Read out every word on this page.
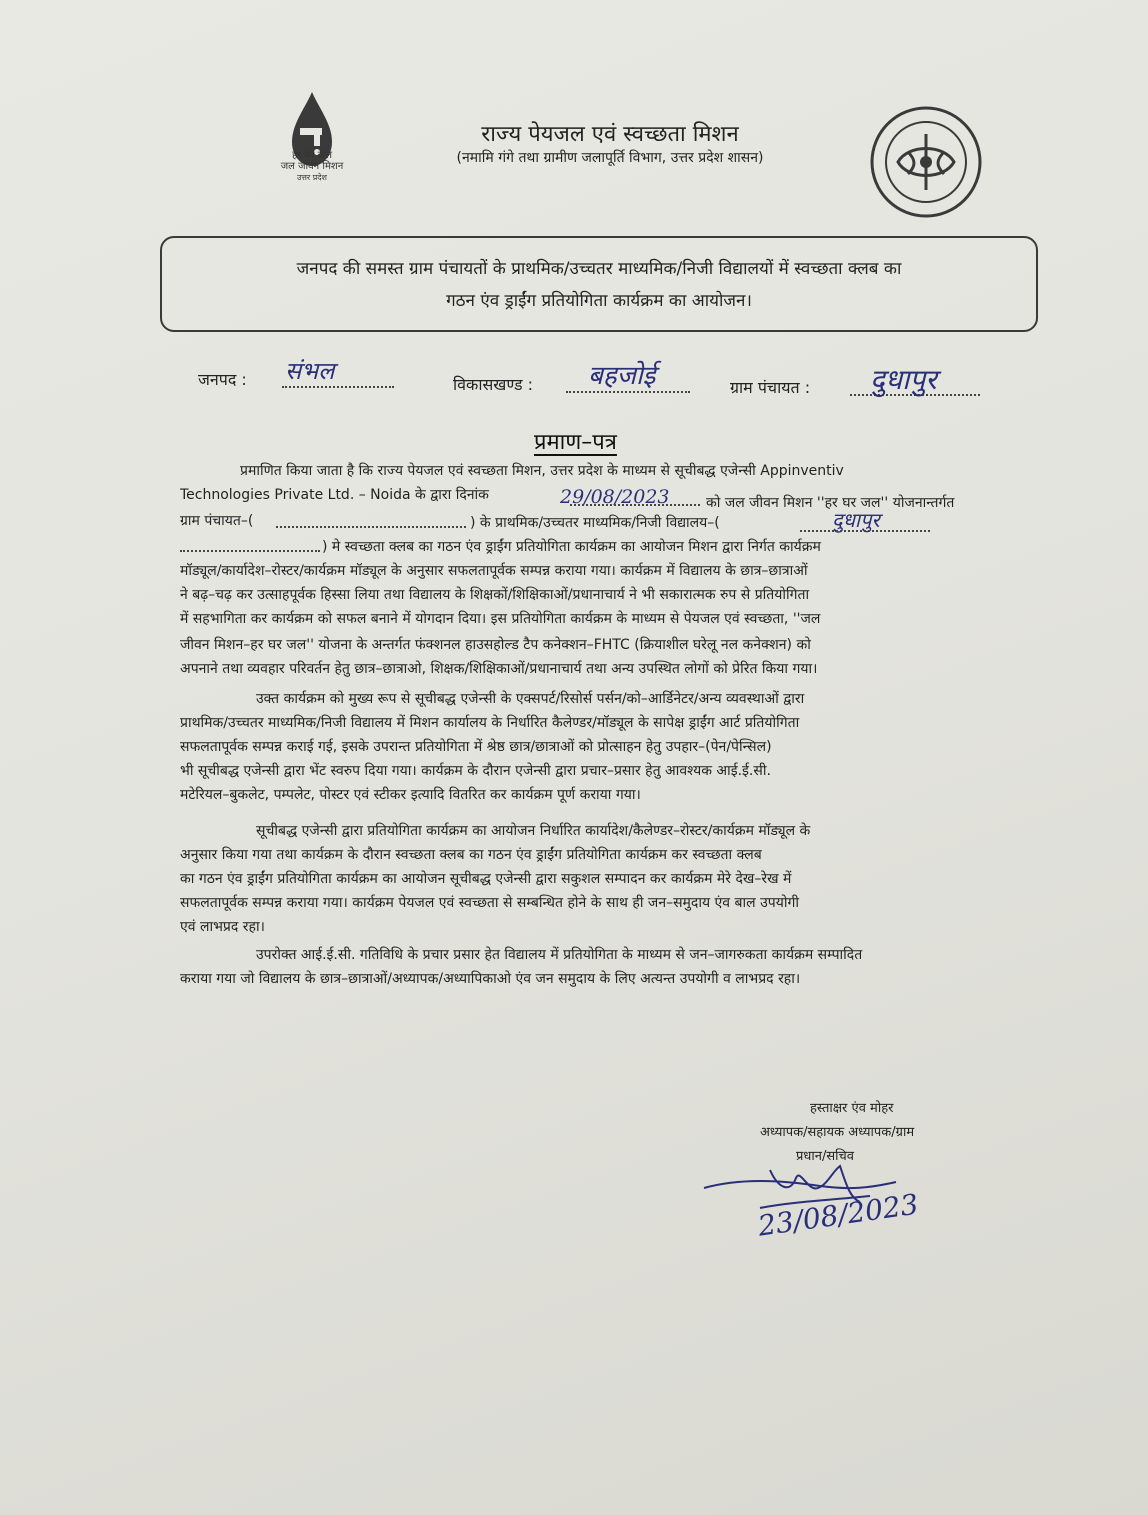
हर घर जल
जल जीवन मिशन
उत्तर प्रदेश
राज्य पेयजल एवं स्वच्छता मिशन
(नमामि गंगे तथा ग्रामीण जलापूर्ति विभाग, उत्तर प्रदेश शासन)
जनपद की समस्त ग्राम पंचायतों के प्राथमिक/उच्चतर माध्यमिक/निजी विद्यालयों में स्वच्छता क्लब का
गठन एंव ड्राईंग प्रतियोगिता कार्यक्रम का आयोजन।
जनपद : संभल	विकासखण्ड : बहजोई	ग्राम पंचायत : दुधापुर
प्रमाण–पत्र
प्रमाणित किया जाता है कि राज्य पेयजल एवं स्वच्छता मिशन, उत्तर प्रदेश के माध्यम से सूचीबद्ध एजेन्सी Appinventiv
Technologies Private Ltd. – Noida के द्वारा दिनांक	29/08/2023	को जल जीवन मिशन ''हर घर जल'' योजनान्तर्गत
ग्राम पंचायत–(	) के प्राथमिक/उच्चतर माध्यमिक/निजी विद्यालय–(	दुधापुर
) मे स्वच्छता क्लब का गठन एंव ड्राईंग प्रतियोगिता कार्यक्रम का आयोजन मिशन द्वारा निर्गत कार्यक्रम
मॉड्यूल/कार्यादेश–रोस्टर/कार्यक्रम मॉड्यूल के अनुसार सफलतापूर्वक सम्पन्न कराया गया। कार्यक्रम में विद्यालय के छात्र–छात्राओं
ने बढ़–चढ़ कर उत्साहपूर्वक हिस्सा लिया तथा विद्यालय के शिक्षकों/शिक्षिकाओं/प्रधानाचार्य ने भी सकारात्मक रुप से प्रतियोगिता
में सहभागिता कर कार्यक्रम को सफल बनाने में योगदान दिया। इस प्रतियोगिता कार्यक्रम के माध्यम से पेयजल एवं स्वच्छता, ''जल
जीवन मिशन–हर घर जल'' योजना के अन्तर्गत फंक्शनल हाउसहोल्ड टैप कनेक्शन–FHTC (क्रियाशील घरेलू नल कनेक्शन) को
अपनाने तथा व्यवहार परिवर्तन हेतु छात्र–छात्राओ, शिक्षक/शिक्षिकाओं/प्रधानाचार्य तथा अन्य उपस्थित लोगों को प्रेरित किया गया।
उक्त कार्यक्रम को मुख्य रूप से सूचीबद्ध एजेन्सी के एक्सपर्ट/रिसोर्स पर्सन/को–आर्डिनेटर/अन्य व्यवस्थाओं द्वारा
प्राथमिक/उच्चतर माध्यमिक/निजी विद्यालय में मिशन कार्यालय के निर्धारित कैलेण्डर/मॉड्यूल के सापेक्ष ड्राईंग आर्ट प्रतियोगिता
सफलतापूर्वक सम्पन्न कराई गई, इसके उपरान्त प्रतियोगिता में श्रेष्ठ छात्र/छात्राओं को प्रोत्साहन हेतु उपहार–(पेन/पेन्सिल)
भी सूचीबद्ध एजेन्सी द्वारा भेंट स्वरुप दिया गया। कार्यक्रम के दौरान एजेन्सी द्वारा प्रचार–प्रसार हेतु आवश्यक आई.ई.सी.
मटेरियल–बुकलेट, पम्पलेट, पोस्टर एवं स्टीकर इत्यादि वितरित कर कार्यक्रम पूर्ण कराया गया।
सूचीबद्ध एजेन्सी द्वारा प्रतियोगिता कार्यक्रम का आयोजन निर्धारित कार्यादेश/कैलेण्डर–रोस्टर/कार्यक्रम मॉड्यूल के
अनुसार किया गया तथा कार्यक्रम के दौरान स्वच्छता क्लब का गठन एंव ड्राईंग प्रतियोगिता कार्यक्रम कर स्वच्छता क्लब
का गठन एंव ड्राईंग प्रतियोगिता कार्यक्रम का आयोजन सूचीबद्ध एजेन्सी द्वारा सकुशल सम्पादन कर कार्यक्रम मेरे देख–रेख में
सफलतापूर्वक सम्पन्न कराया गया। कार्यक्रम पेयजल एवं स्वच्छता से सम्बन्धित होने के साथ ही जन–समुदाय एंव बाल उपयोगी
एवं लाभप्रद रहा।
उपरोक्त आई.ई.सी. गतिविधि के प्रचार प्रसार हेत विद्यालय में प्रतियोगिता के माध्यम से जन–जागरुकता कार्यक्रम सम्पादित
कराया गया जो विद्यालय के छात्र–छात्राओं/अध्यापक/अध्यापिकाओ एंव जन समुदाय के लिए अत्यन्त उपयोगी व लाभप्रद रहा।
हस्ताक्षर एंव मोहर
अध्यापक/सहायक अध्यापक/ग्राम
प्रधान/सचिव
23/08/2023
